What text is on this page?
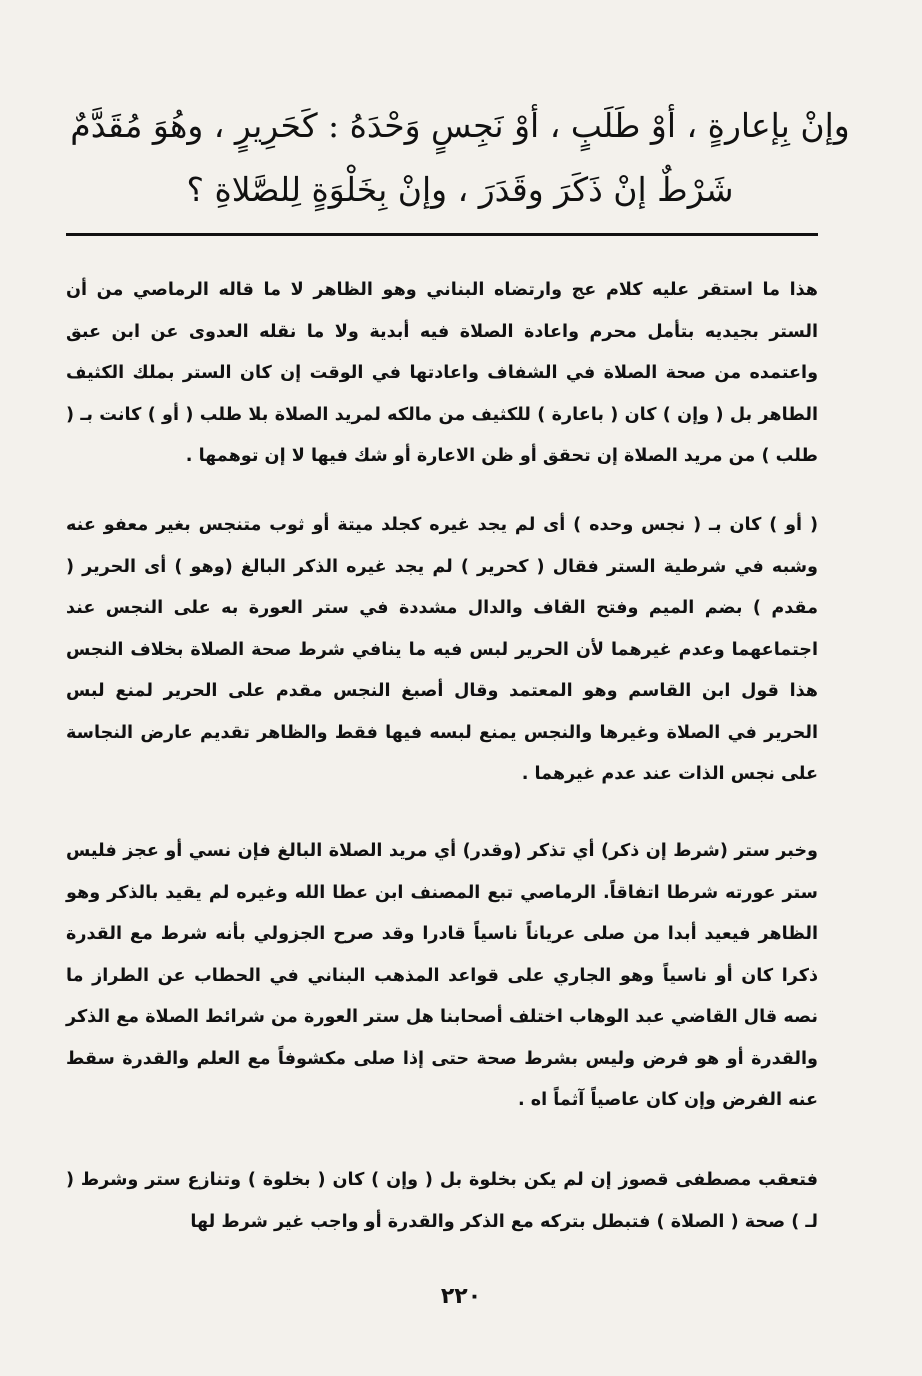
وإنْ بِإعارةٍ ، أوْ طَلَبٍ ، أوْ نَجِسٍ وَحْدَهُ : كَحَرِيرٍ ، وهُوَ مُقَدَّمٌ
شَرْطٌ إنْ ذَكَرَ وقَدَرَ ، وإنْ بِخَلْوَةٍ لِلصَّلاةِ ؟
هذا ما استقر عليه كلام عج وارتضاه البناني وهو الظاهر لا ما قاله الرماصي من أن الستر بجيديه بتأمل محرم واعادة الصلاة فيه أبدية ولا ما نقله العدوى عن ابن عبق واعتمده من صحة الصلاة في الشفاف واعادتها في الوقت إن كان الستر بملك الكثيف الطاهر بل ( وإن ) كان ( باعارة ) للكثيف من مالكه لمريد الصلاة بلا طلب ( أو ) كانت بـ ( طلب ) من مريد الصلاة إن تحقق أو ظن الاعارة أو شك فيها لا إن توهمها .
( أو ) كان بـ ( نجس وحده ) أى لم يجد غيره كجلد ميتة أو ثوب متنجس بغير معفو عنه وشبه في شرطية الستر فقال ( كحرير ) لم يجد غيره الذكر البالغ (وهو ) أى الحرير ( مقدم ) بضم الميم وفتح القاف والدال مشددة في ستر العورة به على النجس عند اجتماعهما وعدم غيرهما لأن الحرير لبس فيه ما ينافي شرط صحة الصلاة بخلاف النجس هذا قول ابن القاسم وهو المعتمد وقال أصبغ النجس مقدم على الحرير لمنع لبس الحرير في الصلاة وغيرها والنجس يمنع لبسه فيها فقط والظاهر تقديم عارض النجاسة على نجس الذات عند عدم غيرهما .
وخبر ستر (شرط إن ذكر) أي تذكر (وقدر) أي مريد الصلاة البالغ فإن نسي أو عجز فليس ستر عورته شرطا اتفاقاً. الرماصي تبع المصنف ابن عطا الله وغيره لم يقيد بالذكر وهو الظاهر فيعيد أبدا من صلى عرياناً ناسياً قادرا وقد صرح الجزولي بأنه شرط مع القدرة ذكرا كان أو ناسياً وهو الجاري على قواعد المذهب البناني في الحطاب عن الطراز ما نصه قال القاضي عبد الوهاب اختلف أصحابنا هل ستر العورة من شرائط الصلاة مع الذكر والقدرة أو هو فرض وليس بشرط صحة حتى إذا صلى مكشوفاً مع العلم والقدرة سقط عنه الفرض وإن كان عاصياً آثماً اه .
فتعقب مصطفى قصوز إن لم يكن بخلوة بل ( وإن ) كان ( بخلوة ) وتنازع ستر وشرط ( لـ ) صحة ( الصلاة ) فتبطل بتركه مع الذكر والقدرة أو واجب غير شرط لها
٢٢٠
